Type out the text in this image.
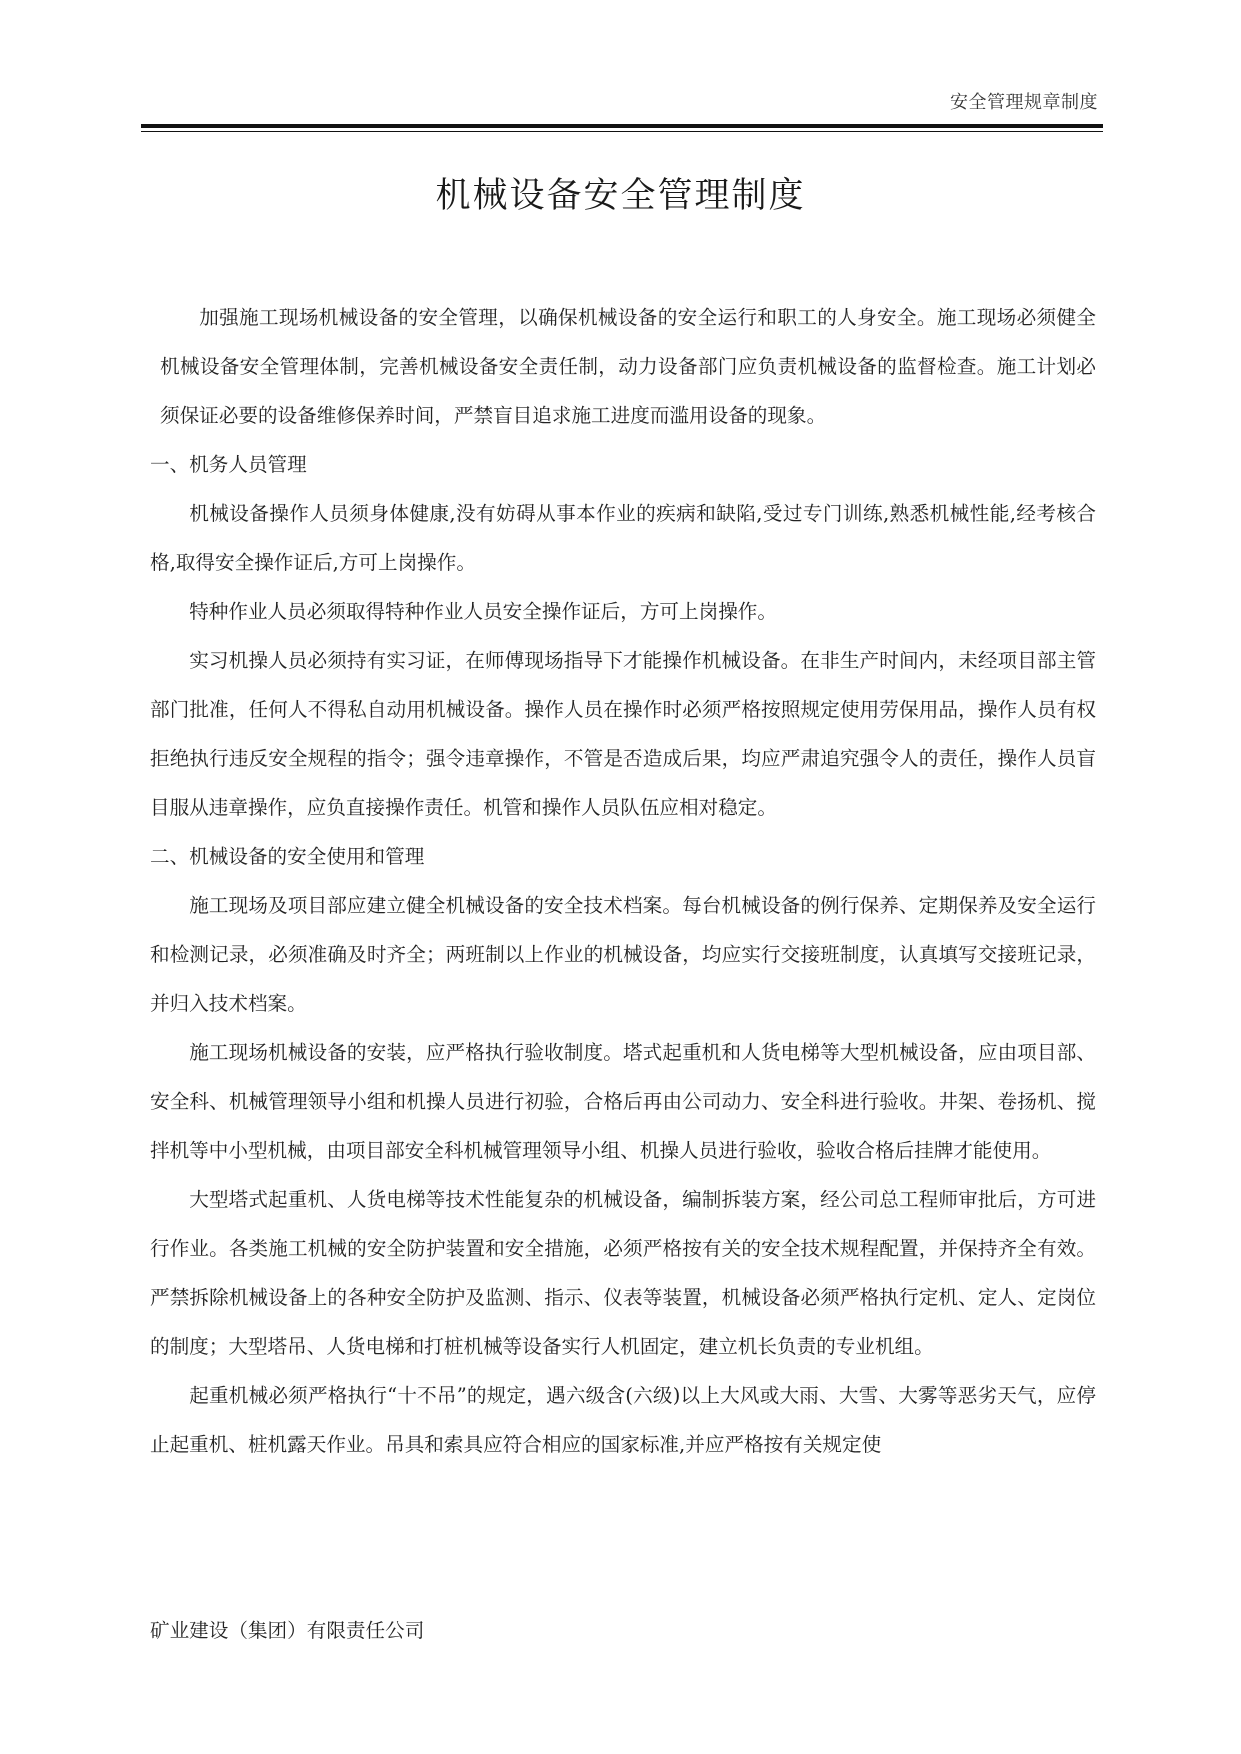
安全管理规章制度
机械设备安全管理制度

加强施工现场机械设备的安全管理，以确保机械设备的安全运行和职工的人身安全。施工现场必须健全机械设备安全管理体制，完善机械设备安全责任制，动力设备部门应负责机械设备的监督检查。施工计划必须保证必要的设备维修保养时间，严禁盲目追求施工进度而滥用设备的现象。

一、机务人员管理

机械设备操作人员须身体健康,没有妨碍从事本作业的疾病和缺陷,受过专门训练,熟悉机械性能,经考核合格,取得安全操作证后,方可上岗操作。

特种作业人员必须取得特种作业人员安全操作证后，方可上岗操作。

实习机操人员必须持有实习证，在师傅现场指导下才能操作机械设备。在非生产时间内，未经项目部主管部门批准，任何人不得私自动用机械设备。操作人员在操作时必须严格按照规定使用劳保用品，操作人员有权拒绝执行违反安全规程的指令；强令违章操作，不管是否造成后果，均应严肃追究强令人的责任，操作人员盲目服从违章操作，应负直接操作责任。机管和操作人员队伍应相对稳定。

二、机械设备的安全使用和管理

施工现场及项目部应建立健全机械设备的安全技术档案。每台机械设备的例行保养、定期保养及安全运行和检测记录，必须准确及时齐全；两班制以上作业的机械设备，均应实行交接班制度，认真填写交接班记录，并归入技术档案。

施工现场机械设备的安装，应严格执行验收制度。塔式起重机和人货电梯等大型机械设备，应由项目部、安全科、机械管理领导小组和机操人员进行初验，合格后再由公司动力、安全科进行验收。井架、卷扬机、搅拌机等中小型机械，由项目部安全科机械管理领导小组、机操人员进行验收，验收合格后挂牌才能使用。

大型塔式起重机、人货电梯等技术性能复杂的机械设备，编制拆装方案，经公司总工程师审批后，方可进行作业。各类施工机械的安全防护装置和安全措施，必须严格按有关的安全技术规程配置，并保持齐全有效。严禁拆除机械设备上的各种安全防护及监测、指示、仪表等装置，机械设备必须严格执行定机、定人、定岗位的制度；大型塔吊、人货电梯和打桩机械等设备实行人机固定，建立机长负责的专业机组。

起重机械必须严格执行“十不吊”的规定，遇六级含(六级)以上大风或大雨、大雪、大雾等恶劣天气，应停止起重机、桩机露天作业。吊具和索具应符合相应的国家标准,并应严格按有关规定使

矿业建设（集团）有限责任公司
